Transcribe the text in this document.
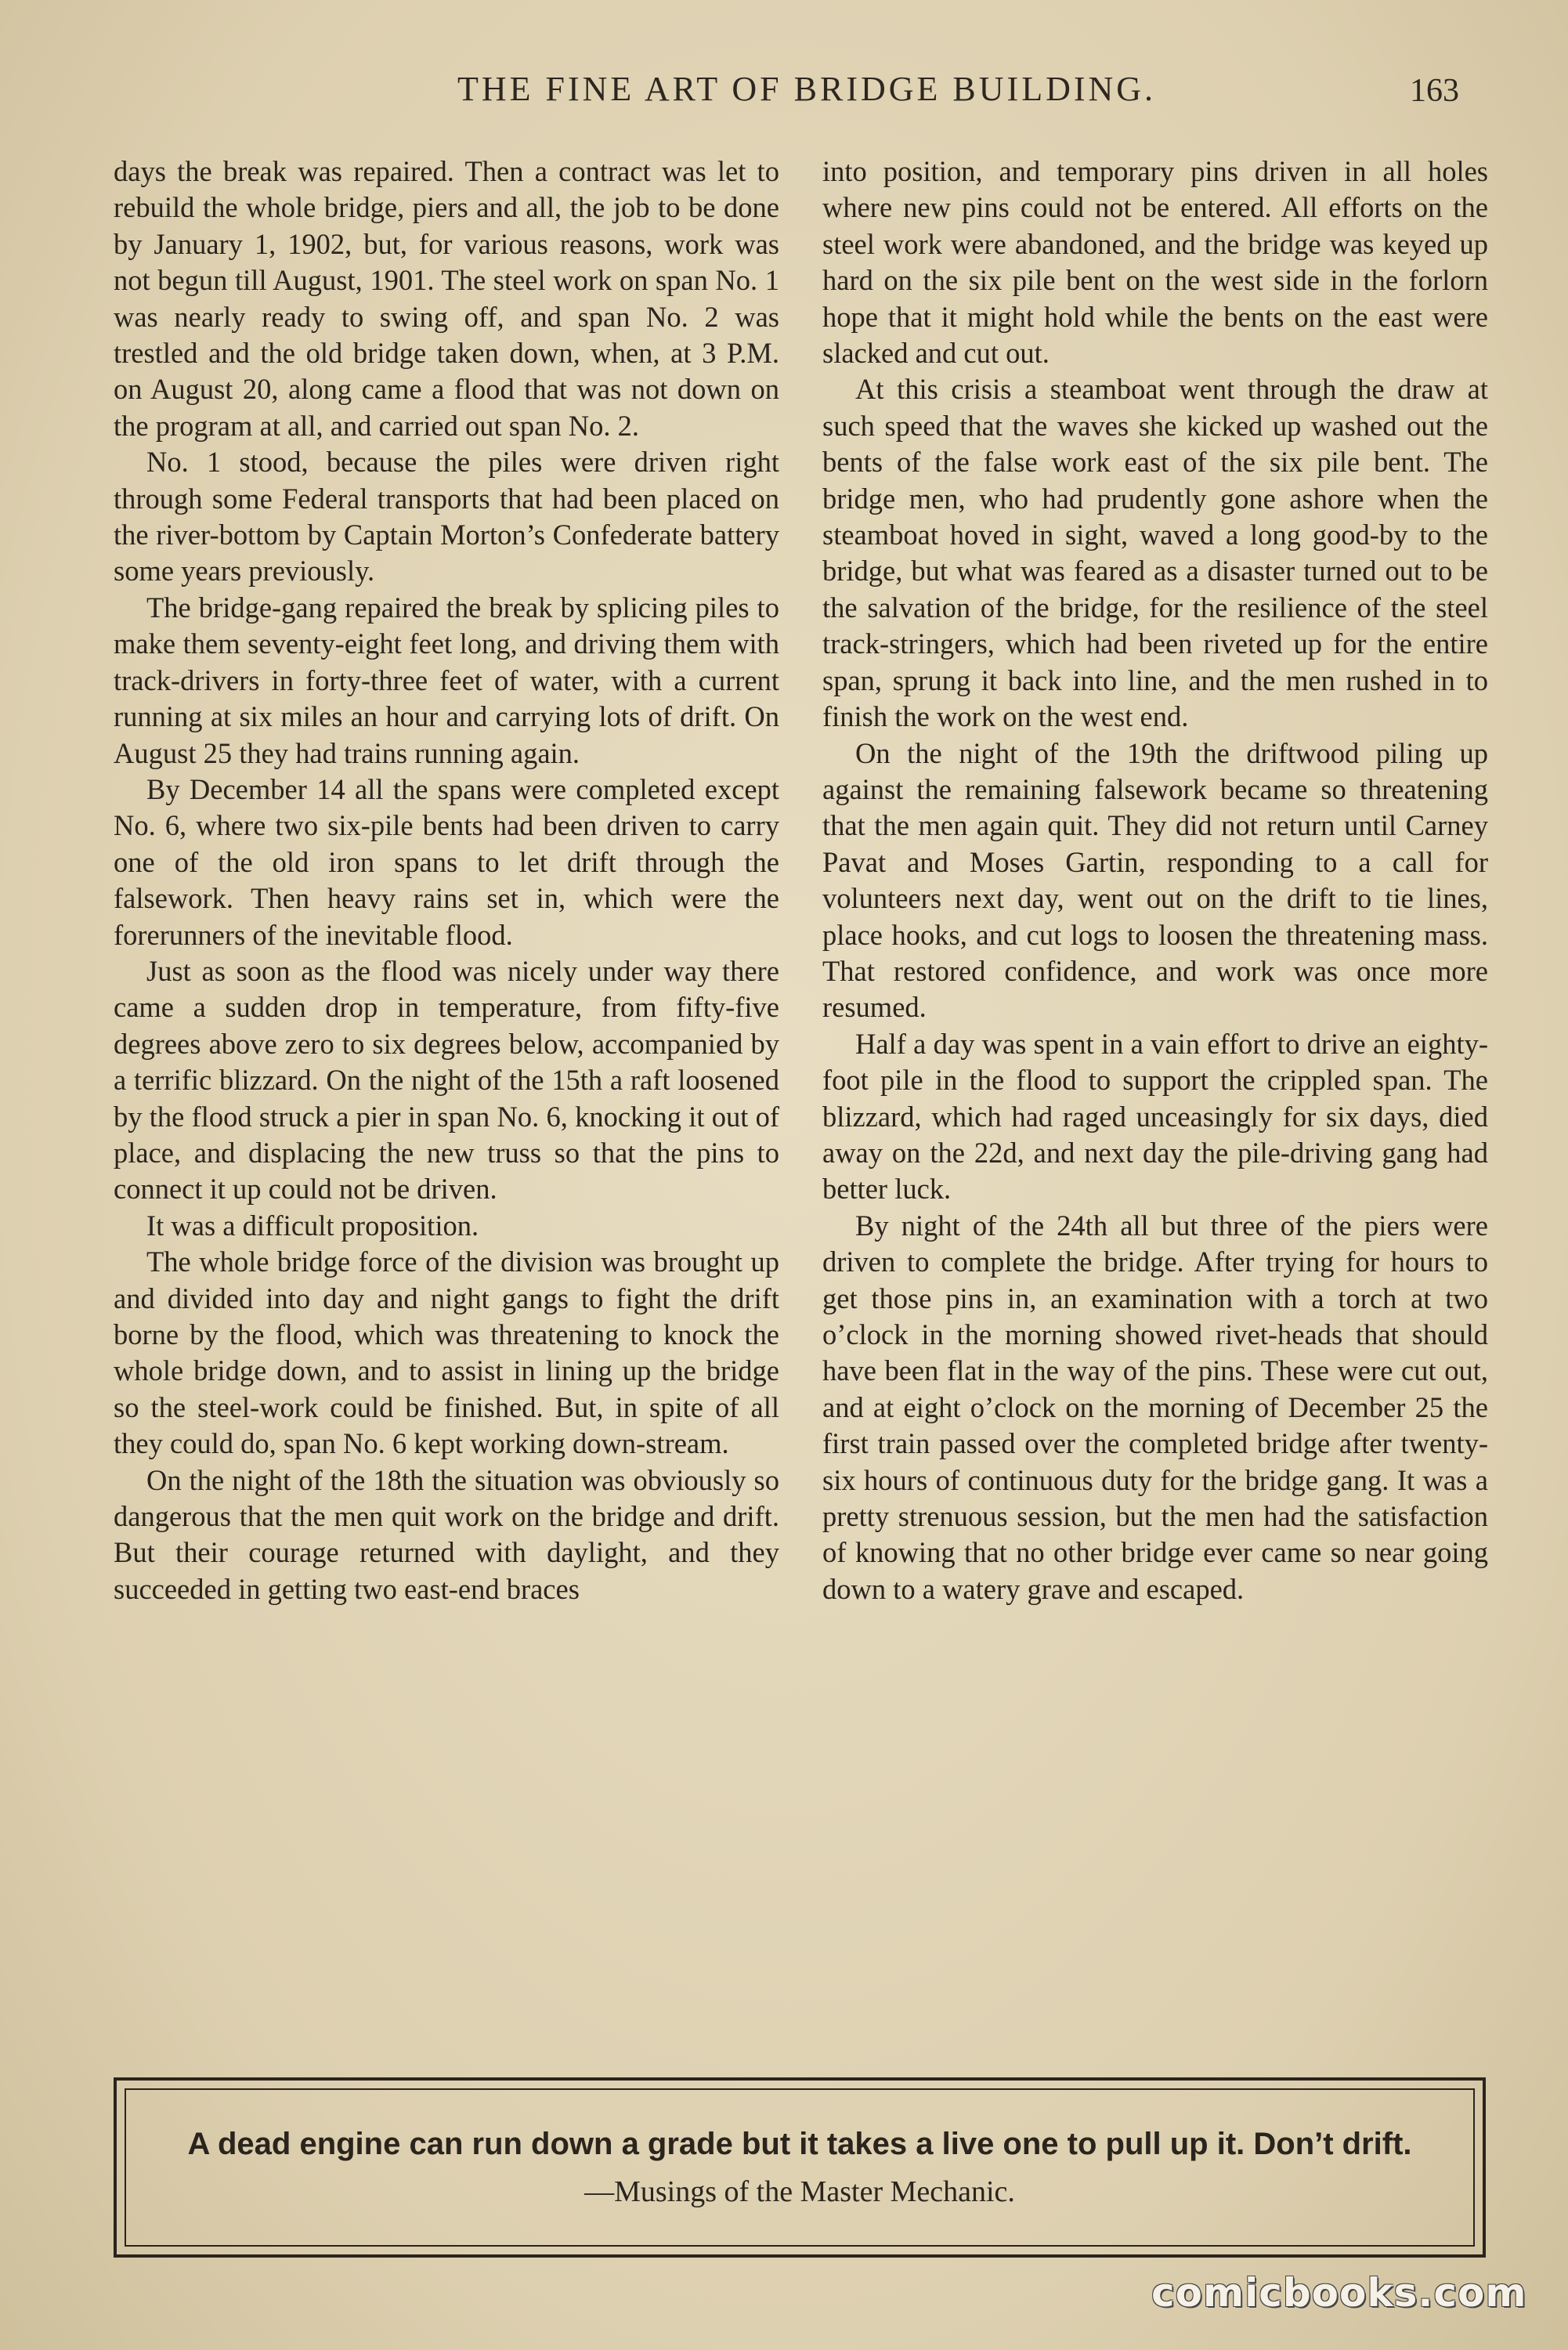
THE FINE ART OF BRIDGE BUILDING.	163

days the break was repaired. Then a contract was let to rebuild the whole bridge, piers and all, the job to be done by January 1, 1902, but, for various reasons, work was not begun till August, 1901. The steel work on span No. 1 was nearly ready to swing off, and span No. 2 was trestled and the old bridge taken down, when, at 3 P.M. on August 20, along came a flood that was not down on the program at all, and carried out span No. 2.

No. 1 stood, because the piles were driven right through some Federal transports that had been placed on the river-bottom by Captain Morton’s Confederate battery some years previously.

The bridge-gang repaired the break by splicing piles to make them seventy-eight feet long, and driving them with track-drivers in forty-three feet of water, with a current running at six miles an hour and carrying lots of drift. On August 25 they had trains running again.

By December 14 all the spans were completed except No. 6, where two six-pile bents had been driven to carry one of the old iron spans to let drift through the falsework. Then heavy rains set in, which were the forerunners of the inevitable flood.

Just as soon as the flood was nicely under way there came a sudden drop in temperature, from fifty-five degrees above zero to six degrees below, accompanied by a terrific blizzard. On the night of the 15th a raft loosened by the flood struck a pier in span No. 6, knocking it out of place, and displacing the new truss so that the pins to connect it up could not be driven.

It was a difficult proposition.

The whole bridge force of the division was brought up and divided into day and night gangs to fight the drift borne by the flood, which was threatening to knock the whole bridge down, and to assist in lining up the bridge so the steel-work could be finished. But, in spite of all they could do, span No. 6 kept working down-stream.

On the night of the 18th the situation was obviously so dangerous that the men quit work on the bridge and drift. But their courage returned with daylight, and they succeeded in getting two east-end braces

into position, and temporary pins driven in all holes where new pins could not be entered. All efforts on the steel work were abandoned, and the bridge was keyed up hard on the six pile bent on the west side in the forlorn hope that it might hold while the bents on the east were slacked and cut out.

At this crisis a steamboat went through the draw at such speed that the waves she kicked up washed out the bents of the false work east of the six pile bent. The bridge men, who had prudently gone ashore when the steamboat hoved in sight, waved a long good-by to the bridge, but what was feared as a disaster turned out to be the salvation of the bridge, for the resilience of the steel track-stringers, which had been riveted up for the entire span, sprung it back into line, and the men rushed in to finish the work on the west end.

On the night of the 19th the driftwood piling up against the remaining falsework became so threatening that the men again quit. They did not return until Carney Pavat and Moses Gartin, responding to a call for volunteers next day, went out on the drift to tie lines, place hooks, and cut logs to loosen the threatening mass. That restored confidence, and work was once more resumed.

Half a day was spent in a vain effort to drive an eighty-foot pile in the flood to support the crippled span. The blizzard, which had raged unceasingly for six days, died away on the 22d, and next day the pile-driving gang had better luck.

By night of the 24th all but three of the piers were driven to complete the bridge. After trying for hours to get those pins in, an examination with a torch at two o’clock in the morning showed rivet-heads that should have been flat in the way of the pins. These were cut out, and at eight o’clock on the morning of December 25 the first train passed over the completed bridge after twenty-six hours of continuous duty for the bridge gang. It was a pretty strenuous session, but the men had the satisfaction of knowing that no other bridge ever came so near going down to a watery grave and escaped.

A dead engine can run down a grade but it takes a live one to pull up it. Don’t drift.—Musings of the Master Mechanic.
comicbooks.com
